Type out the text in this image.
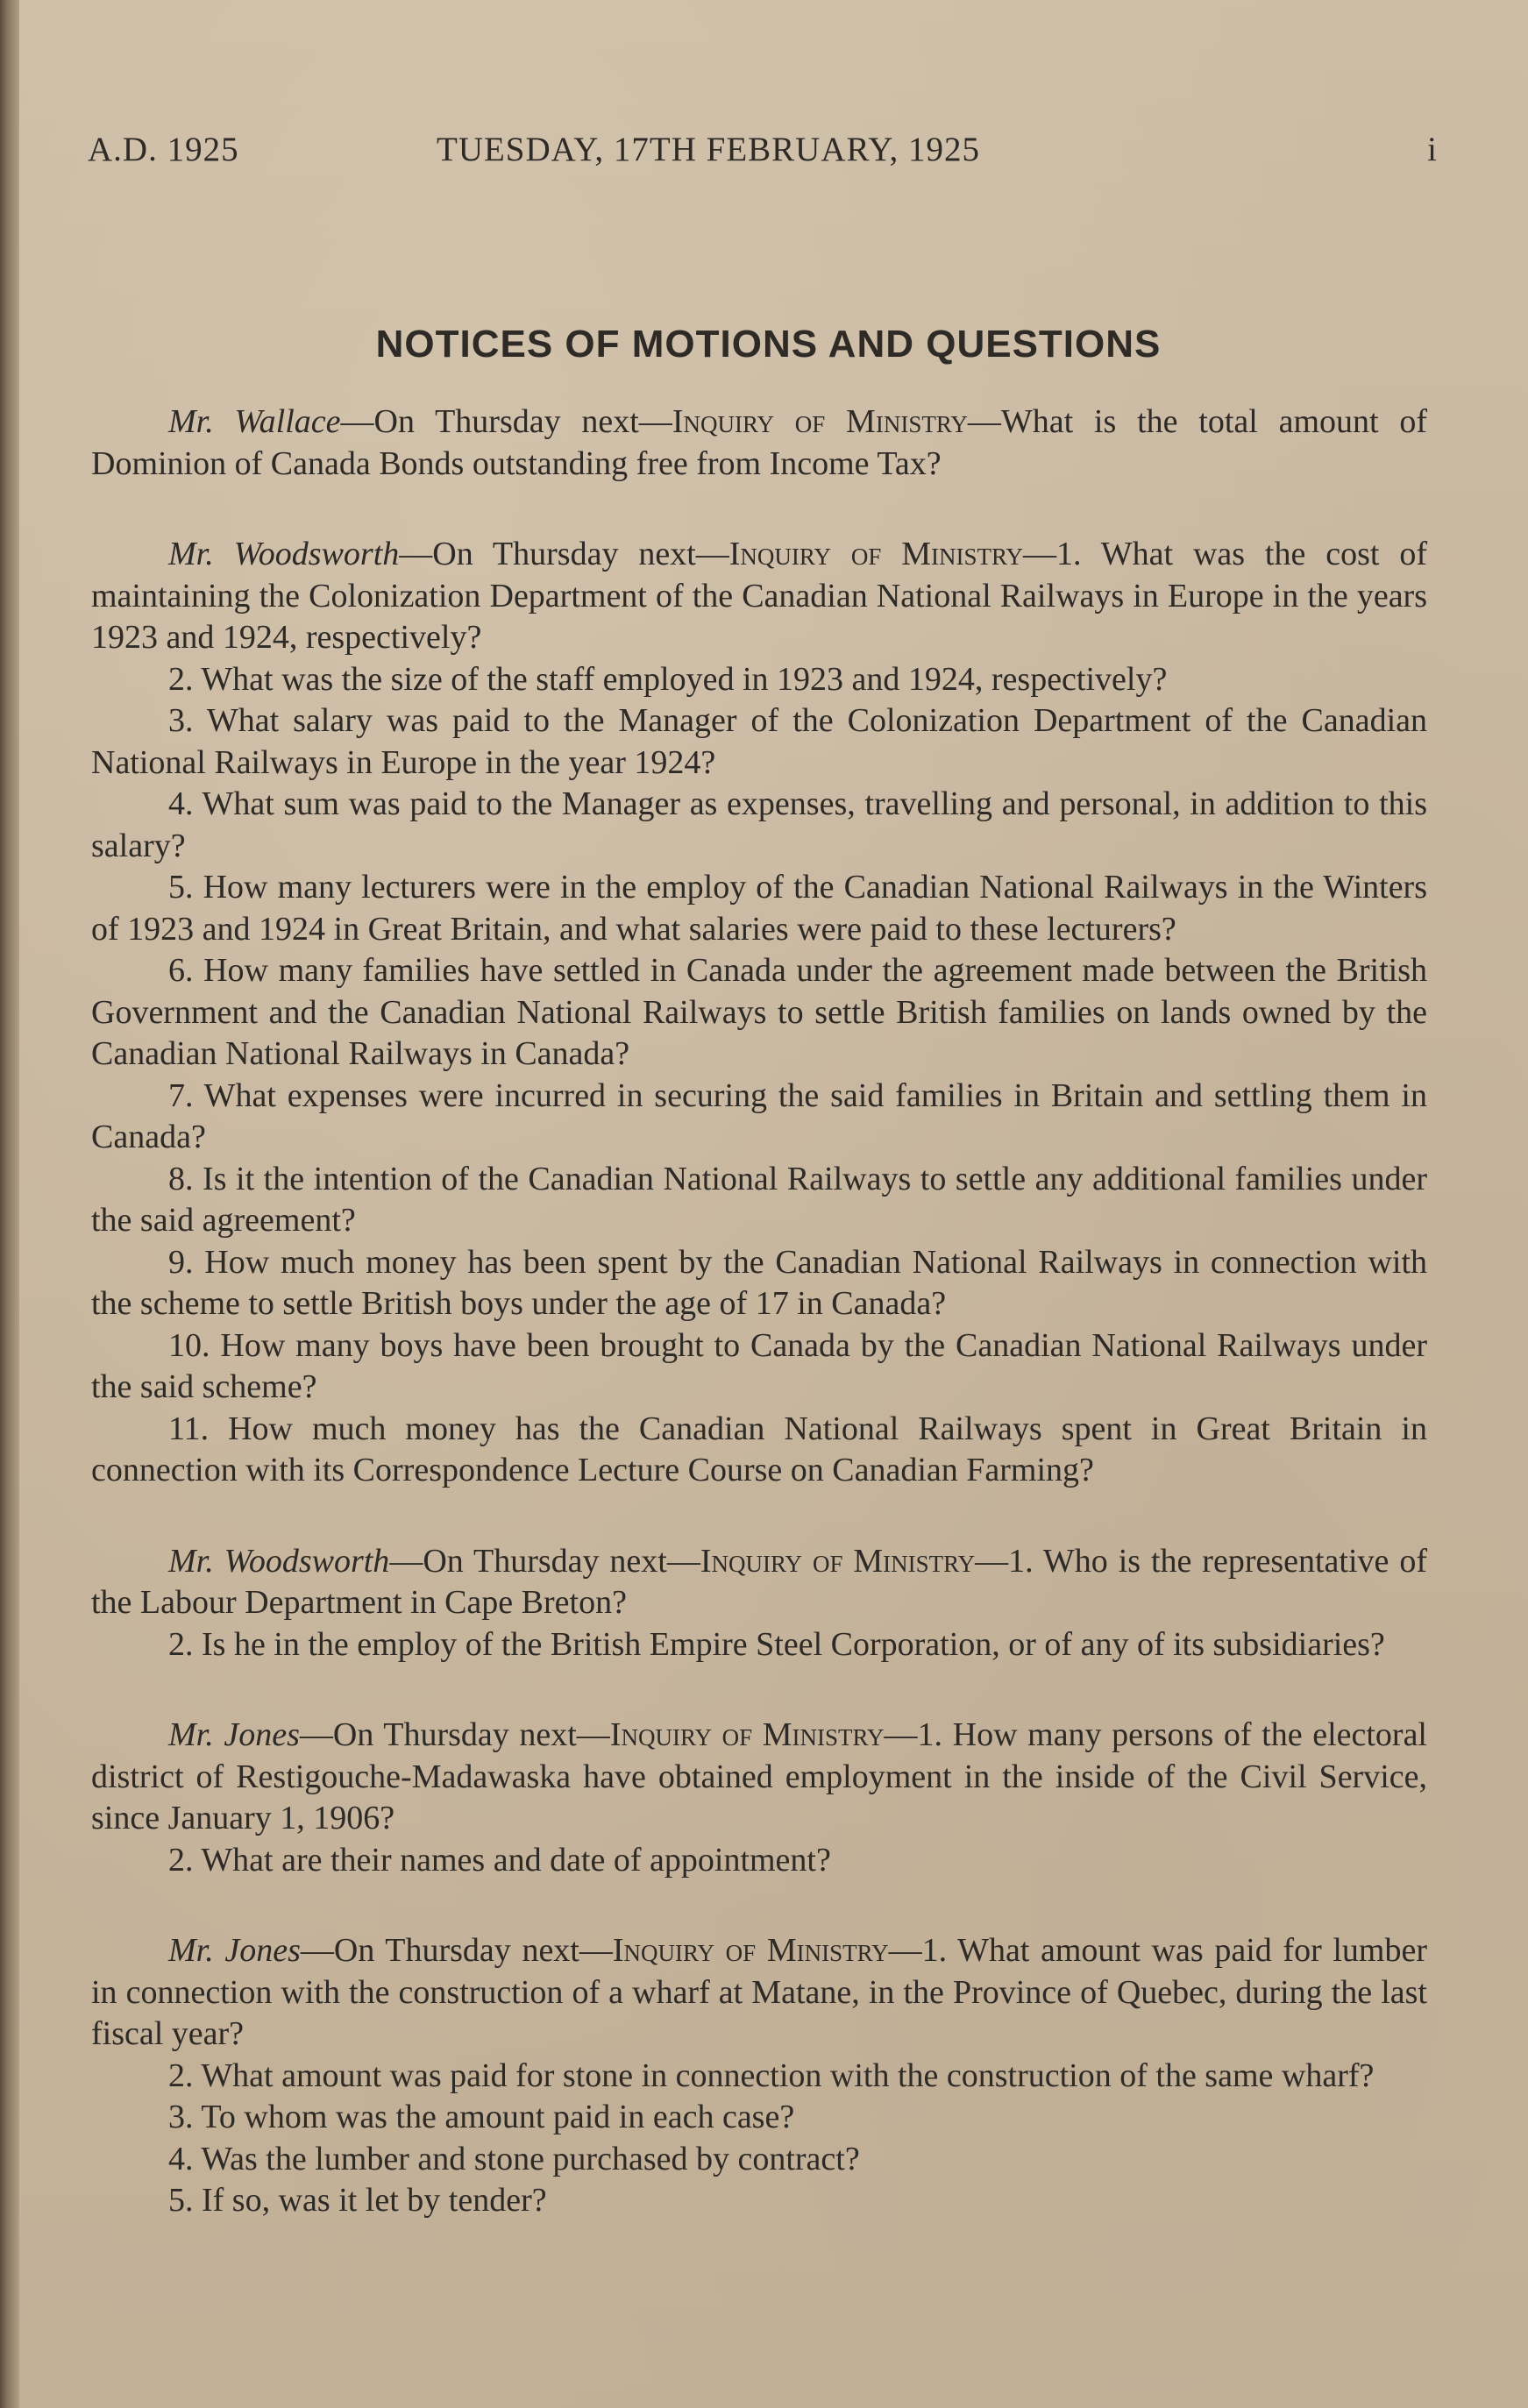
A.D. 1925	TUESDAY, 17TH FEBRUARY, 1925	i
NOTICES OF MOTIONS AND QUESTIONS

Mr. Wallace—On Thursday next—Inquiry of Ministry—What is the total amount of Dominion of Canada Bonds outstanding free from Income Tax?

Mr. Woodsworth—On Thursday next—Inquiry of Ministry—1. What was the cost of maintaining the Colonization Department of the Canadian National Railways in Europe in the years 1923 and 1924, respectively?

2. What was the size of the staff employed in 1923 and 1924, respectively?

3. What salary was paid to the Manager of the Colonization Department of the Canadian National Railways in Europe in the year 1924?

4. What sum was paid to the Manager as expenses, travelling and personal, in addition to this salary?

5. How many lecturers were in the employ of the Canadian National Railways in the Winters of 1923 and 1924 in Great Britain, and what salaries were paid to these lecturers?

6. How many families have settled in Canada under the agreement made between the British Government and the Canadian National Railways to settle British families on lands owned by the Canadian National Railways in Canada?

7. What expenses were incurred in securing the said families in Britain and settling them in Canada?

8. Is it the intention of the Canadian National Railways to settle any additional families under the said agreement?

9. How much money has been spent by the Canadian National Railways in connection with the scheme to settle British boys under the age of 17 in Canada?

10. How many boys have been brought to Canada by the Canadian National Railways under the said scheme?

11. How much money has the Canadian National Railways spent in Great Britain in connection with its Correspondence Lecture Course on Canadian Farming?

Mr. Woodsworth—On Thursday next—Inquiry of Ministry—1. Who is the representative of the Labour Department in Cape Breton?

2. Is he in the employ of the British Empire Steel Corporation, or of any of its subsidiaries?

Mr. Jones—On Thursday next—Inquiry of Ministry—1. How many persons of the electoral district of Restigouche-Madawaska have obtained employment in the inside of the Civil Service, since January 1, 1906?

2. What are their names and date of appointment?

Mr. Jones—On Thursday next—Inquiry of Ministry—1. What amount was paid for lumber in connection with the construction of a wharf at Matane, in the Province of Quebec, during the last fiscal year?

2. What amount was paid for stone in connection with the construction of the same wharf?

3. To whom was the amount paid in each case?

4. Was the lumber and stone purchased by contract?

5. If so, was it let by tender?
